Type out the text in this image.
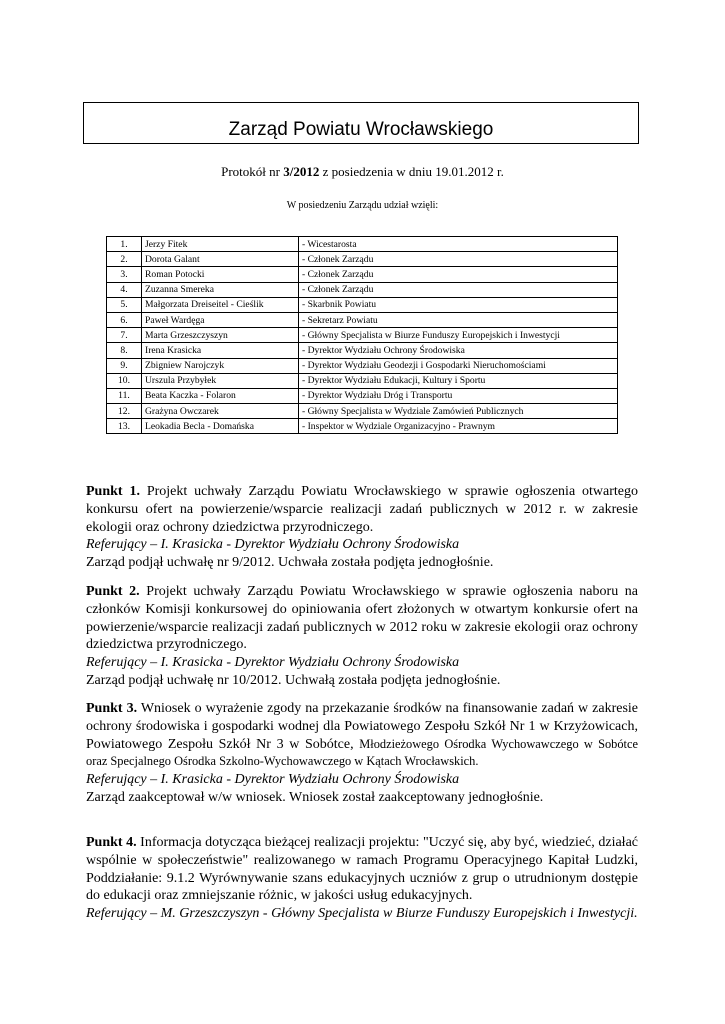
Zarząd Powiatu Wrocławskiego
Protokół nr 3/2012 z posiedzenia w dniu 19.01.2012 r.
W posiedzeniu Zarządu udział wzięli:
1.	Jerzy Fitek	- Wicestarosta
2.	Dorota Galant	- Członek Zarządu
3.	Roman Potocki	- Członek Zarządu
4.	Zuzanna Smereka	- Członek Zarządu
5.	Małgorzata Dreiseitel - Cieślik	- Skarbnik Powiatu
6.	Paweł Wardęga	- Sekretarz Powiatu
7.	Marta Grzeszczyszyn	- Główny Specjalista w Biurze Funduszy Europejskich i Inwestycji
8.	Irena Krasicka	- Dyrektor Wydziału Ochrony Środowiska
9.	Zbigniew Narojczyk	- Dyrektor Wydziału Geodezji i Gospodarki Nieruchomościami
10.	Urszula Przybyłek	- Dyrektor Wydziału Edukacji, Kultury i Sportu
11.	Beata Kaczka - Folaron	- Dyrektor Wydziału Dróg i Transportu
12.	Grażyna Owczarek	- Główny Specjalista w Wydziale Zamówień Publicznych
13.	Leokadia Becla - Domańska	- Inspektor w Wydziale Organizacyjno - Prawnym

Punkt 1. Projekt uchwały Zarządu Powiatu Wrocławskiego w sprawie ogłoszenia otwartego konkursu ofert na powierzenie/wsparcie realizacji zadań publicznych w 2012 r. w zakresie ekologii oraz ochrony dziedzictwa przyrodniczego.

Referujący – I. Krasicka - Dyrektor Wydziału Ochrony Środowiska

Zarząd podjął uchwałę nr 9/2012. Uchwała została podjęta jednogłośnie.

Punkt 2. Projekt uchwały Zarządu Powiatu Wrocławskiego w sprawie ogłoszenia naboru na członków Komisji konkursowej do opiniowania ofert złożonych w otwartym konkursie ofert na powierzenie/wsparcie realizacji zadań publicznych w 2012 roku w zakresie ekologii oraz ochrony dziedzictwa przyrodniczego.

Referujący – I. Krasicka - Dyrektor Wydziału Ochrony Środowiska

Zarząd podjął uchwałę nr 10/2012. Uchwałą została podjęta jednogłośnie.

Punkt 3. Wniosek o wyrażenie zgody na przekazanie środków na finansowanie zadań w zakresie ochrony środowiska i gospodarki wodnej dla Powiatowego Zespołu Szkół Nr 1 w Krzyżowicach, Powiatowego Zespołu Szkół Nr 3 w Sobótce, Młodzieżowego Ośrodka Wychowawczego w Sobótce oraz Specjalnego Ośrodka Szkolno-Wychowawczego w Kątach Wrocławskich.

Referujący – I. Krasicka - Dyrektor Wydziału Ochrony Środowiska

Zarząd zaakceptował w/w wniosek. Wniosek został zaakceptowany jednogłośnie.

Punkt 4. Informacja dotycząca bieżącej realizacji projektu: "Uczyć się, aby być, wiedzieć, działać wspólnie w społeczeństwie" realizowanego w ramach Programu Operacyjnego Kapitał Ludzki, Poddziałanie: 9.1.2 Wyrównywanie szans edukacyjnych uczniów z grup o utrudnionym dostępie do edukacji oraz zmniejszanie różnic, w jakości usług edukacyjnych.

Referujący – M. Grzeszczyszyn - Główny Specjalista w Biurze Funduszy Europejskich i Inwestycji.
